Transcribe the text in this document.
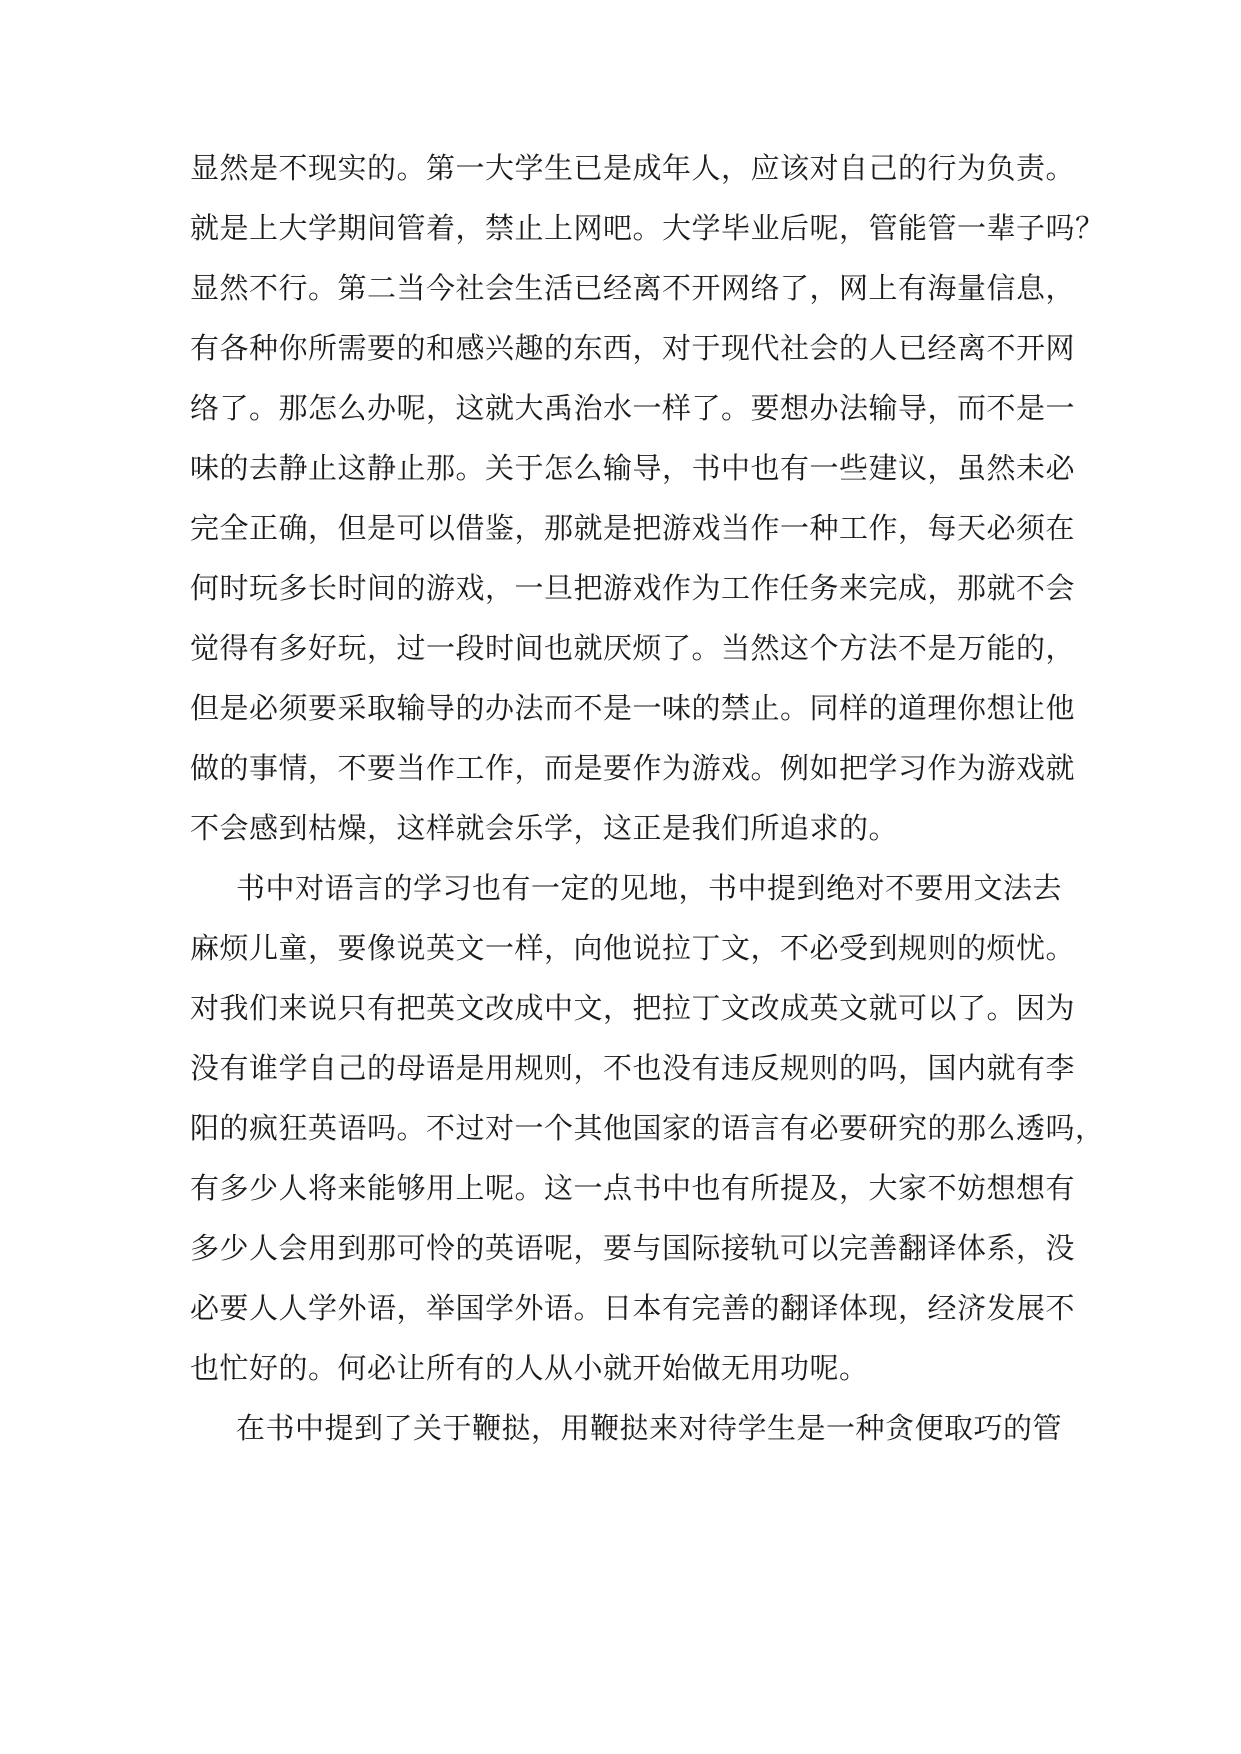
显然是不现实的。第一大学生已是成年人，应该对自己的行为负责。
就是上大学期间管着，禁止上网吧。大学毕业后呢，管能管一辈子吗？
显然不行。第二当今社会生活已经离不开网络了，网上有海量信息，
有各种你所需要的和感兴趣的东西，对于现代社会的人已经离不开网
络了。那怎么办呢，这就大禹治水一样了。要想办法输导，而不是一
味的去静止这静止那。关于怎么输导，书中也有一些建议，虽然未必
完全正确，但是可以借鉴，那就是把游戏当作一种工作，每天必须在
何时玩多长时间的游戏，一旦把游戏作为工作任务来完成，那就不会
觉得有多好玩，过一段时间也就厌烦了。当然这个方法不是万能的，
但是必须要采取输导的办法而不是一味的禁止。同样的道理你想让他
做的事情，不要当作工作，而是要作为游戏。例如把学习作为游戏就
不会感到枯燥，这样就会乐学，这正是我们所追求的。
书中对语言的学习也有一定的见地，书中提到绝对不要用文法去
麻烦儿童，要像说英文一样，向他说拉丁文，不必受到规则的烦忧。
对我们来说只有把英文改成中文，把拉丁文改成英文就可以了。因为
没有谁学自己的母语是用规则，不也没有违反规则的吗，国内就有李
阳的疯狂英语吗。不过对一个其他国家的语言有必要研究的那么透吗，
有多少人将来能够用上呢。这一点书中也有所提及，大家不妨想想有
多少人会用到那可怜的英语呢，要与国际接轨可以完善翻译体系，没
必要人人学外语，举国学外语。日本有完善的翻译体现，经济发展不
也忙好的。何必让所有的人从小就开始做无用功呢。
在书中提到了关于鞭挞，用鞭挞来对待学生是一种贪便取巧的管
